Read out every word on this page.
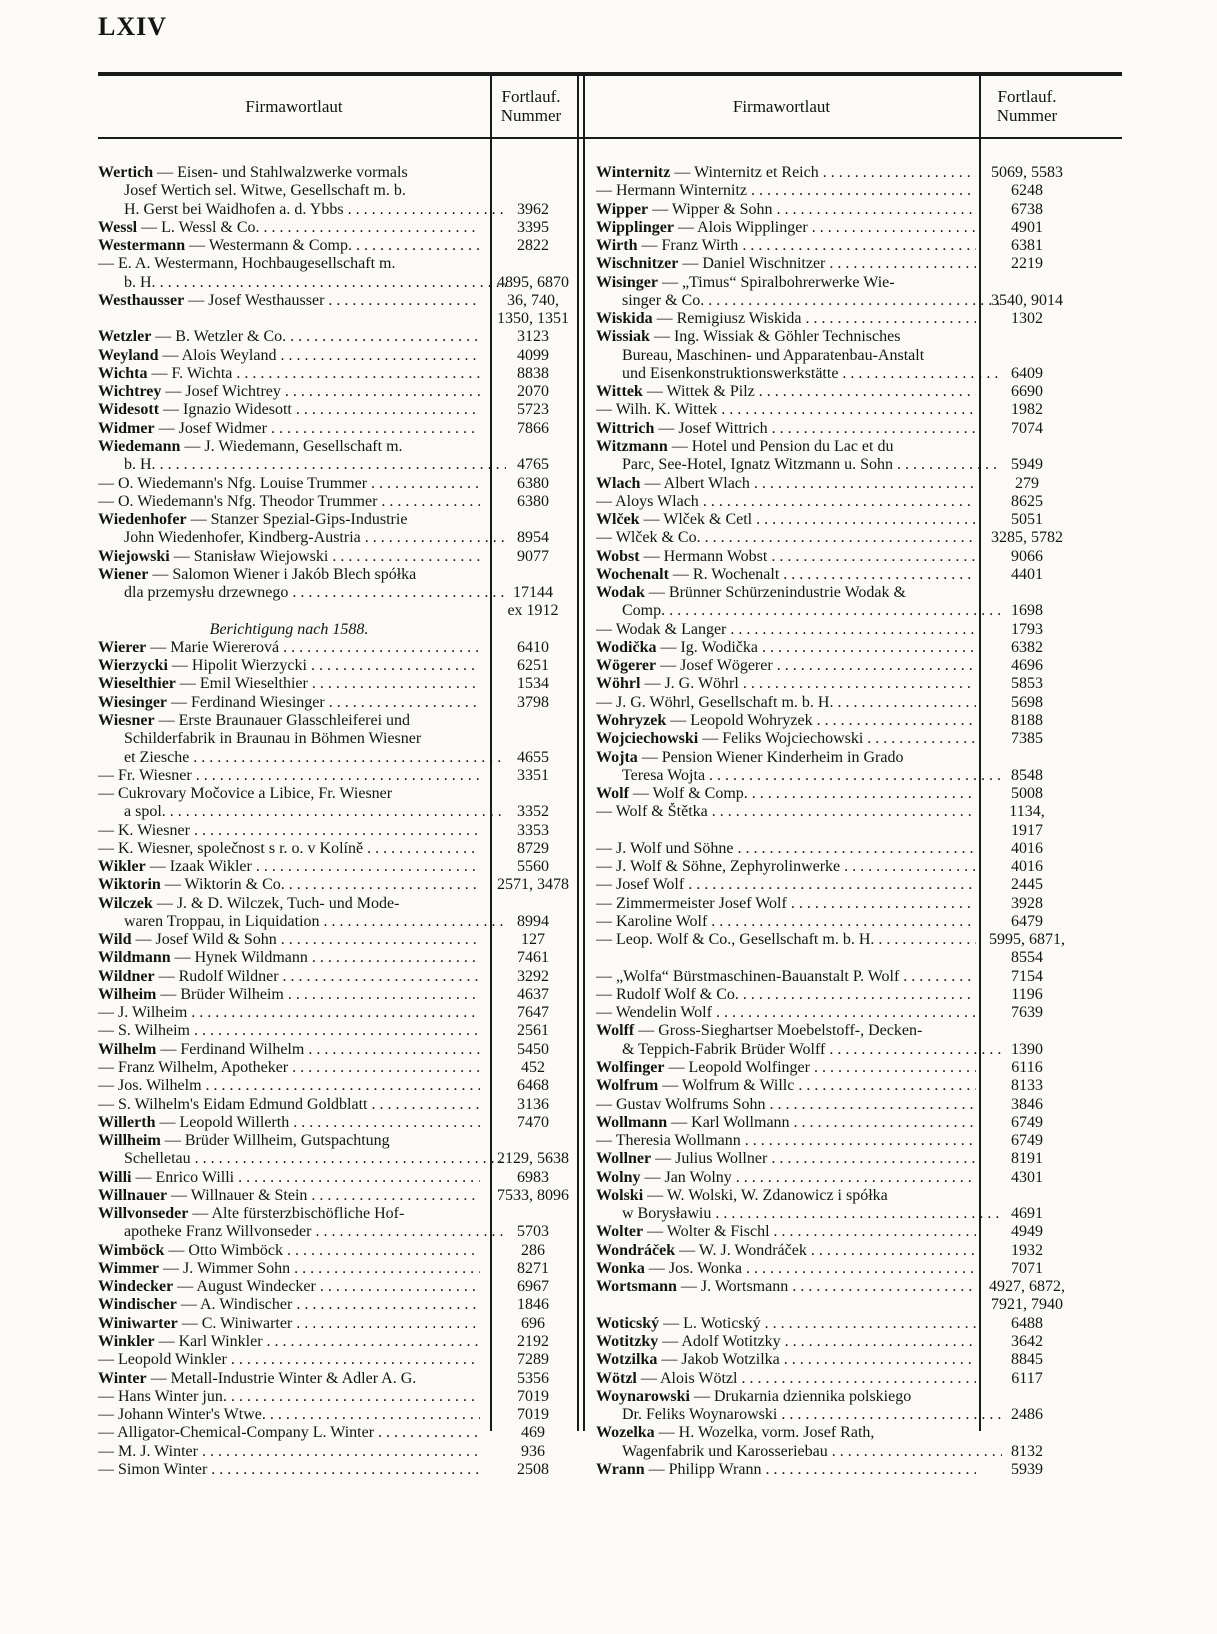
LXIV
Firmawortlaut	Fortlauf.
Nummer	Firmawortlaut	Fortlauf.
Nummer
Wertich — Eisen- und Stahlwalzwerke vormals
Josef Wertich sel. Witwe, Gesellschaft m. b.
H. Gerst bei Waidhofen a. d. Ybbs . . .	3962
Wessl — L. Wessl & Co. . . .	3395
Westermann — Westermann & Comp. . . .	2822
— E. A. Westermann, Hochbaugesellschaft m.
b. H. . . .	4895, 6870
Westhausser — Josef Westhausser . . .	36, 740,
1350, 1351
Wetzler — B. Wetzler & Co. . . .	3123
Weyland — Alois Weyland . . .	4099
Wichta — F. Wichta . . .	8838
Wichtrey — Josef Wichtrey . . .	2070
Widesott — Ignazio Widesott . . .	5723
Widmer — Josef Widmer . . .	7866
Wiedemann — J. Wiedemann, Gesellschaft m.
b. H. . . .	4765
— O. Wiedemann's Nfg. Louise Trummer . . .	6380
— O. Wiedemann's Nfg. Theodor Trummer . . .	6380
Wiedenhofer — Stanzer Spezial-Gips-Industrie
John Wiedenhofer, Kindberg-Austria . . .	8954
Wiejowski — Stanisław Wiejowski . . .	9077
Wiener — Salomon Wiener i Jakób Blech spółka
dla przemysłu drzewnego . . .	17144
ex 1912
Berichtigung nach 1588.
Wierer — Marie Wiererová . . .	6410
Wierzycki — Hipolit Wierzycki . . .	6251
Wieselthier — Emil Wieselthier . . .	1534
Wiesinger — Ferdinand Wiesinger . . .	3798
Wiesner — Erste Braunauer Glasschleiferei und
Schilderfabrik in Braunau in Böhmen Wiesner
et Ziesche . . .	4655
— Fr. Wiesner . . .	3351
— Cukrovary Močovice a Libice, Fr. Wiesner
a spol. . . .	3352
— K. Wiesner . . .	3353
— K. Wiesner, společnost s r. o. v Kolíně . . .	8729
Wikler — Izaak Wikler . . .	5560
Wiktorin — Wiktorin & Co. . . .	2571, 3478
Wilczek — J. & D. Wilczek, Tuch- und Mode-
waren Troppau, in Liquidation . . .	8994
Wild — Josef Wild & Sohn . . .	127
Wildmann — Hynek Wildmann . . .	7461
Wildner — Rudolf Wildner . . .	3292
Wilheim — Brüder Wilheim . . .	4637
— J. Wilheim . . .	7647
— S. Wilheim . . .	2561
Wilhelm — Ferdinand Wilhelm . . .	5450
— Franz Wilhelm, Apotheker . . .	452
— Jos. Wilhelm . . .	6468
— S. Wilhelm's Eidam Edmund Goldblatt . . .	3136
Willerth — Leopold Willerth . . .	7470
Willheim — Brüder Willheim, Gutspachtung
Schelletau . . .	2129, 5638
Willi — Enrico Willi . . .	6983
Willnauer — Willnauer & Stein . . .	7533, 8096
Willvonseder — Alte fürsterzbischöfliche Hof-
apotheke Franz Willvonseder . . .	5703
Wimböck — Otto Wimböck . . .	286
Wimmer — J. Wimmer Sohn . . .	8271
Windecker — August Windecker . . .	6967
Windischer — A. Windischer . . .	1846
Winiwarter — C. Winiwarter . . .	696
Winkler — Karl Winkler . . .	2192
— Leopold Winkler . . .	7289
Winter — Metall-Industrie Winter & Adler A. G.	5356
— Hans Winter jun. . . .	7019
— Johann Winter's Wtwe. . . .	7019
— Alligator-Chemical-Company L. Winter . . .	469
— M. J. Winter . . .	936
— Simon Winter . . .	2508
Winternitz — Winternitz et Reich . . .	5069, 5583
— Hermann Winternitz . . .	6248
Wipper — Wipper & Sohn . . .	6738
Wipplinger — Alois Wipplinger . . .	4901
Wirth — Franz Wirth . . .	6381
Wischnitzer — Daniel Wischnitzer . . .	2219
Wisinger — „Timus“ Spiralbohrerwerke Wie-
singer & Co. . . .	3540, 9014
Wiskida — Remigiusz Wiskida . . .	1302
Wissiak — Ing. Wissiak & Göhler Technisches
Bureau, Maschinen- und Apparatenbau-Anstalt
und Eisenkonstruktionswerkstätte . . .	6409
Wittek — Wittek & Pilz . . .	6690
— Wilh. K. Wittek . . .	1982
Wittrich — Josef Wittrich . . .	7074
Witzmann — Hotel und Pension du Lac et du
Parc, See-Hotel, Ignatz Witzmann u. Sohn . . .	5949
Wlach — Albert Wlach . . .	279
— Aloys Wlach . . .	8625
Wlček — Wlček & Cetl . . .	5051
— Wlček & Co. . . .	3285, 5782
Wobst — Hermann Wobst . . .	9066
Wochenalt — R. Wochenalt . . .	4401
Wodak — Brünner Schürzenindustrie Wodak &
Comp. . . .	1698
— Wodak & Langer . . .	1793
Wodička — Ig. Wodička . . .	6382
Wögerer — Josef Wögerer . . .	4696
Wöhrl — J. G. Wöhrl . . .	5853
— J. G. Wöhrl, Gesellschaft m. b. H. . . .	5698
Wohryzek — Leopold Wohryzek . . .	8188
Wojciechowski — Feliks Wojciechowski . . .	7385
Wojta — Pension Wiener Kinderheim in Grado
Teresa Wojta . . .	8548
Wolf — Wolf & Comp. . . .	5008
— Wolf & Štětka . . .	1134,
1917
— J. Wolf und Söhne . . .	4016
— J. Wolf & Söhne, Zephyrolinwerke . . .	4016
— Josef Wolf . . .	2445
— Zimmermeister Josef Wolf . . .	3928
— Karoline Wolf . . .	6479
— Leop. Wolf & Co., Gesellschaft m. b. H. . . .	5995, 6871,
8554
— „Wolfa“ Bürstmaschinen-Bauanstalt P. Wolf . . .	7154
— Rudolf Wolf & Co. . . .	1196
— Wendelin Wolf . . .	7639
Wolff — Gross-Sieghartser Moebelstoff-, Decken-
& Teppich-Fabrik Brüder Wolff . . .	1390
Wolfinger — Leopold Wolfinger . . .	6116
Wolfrum — Wolfrum & Willc . . .	8133
— Gustav Wolfrums Sohn . . .	3846
Wollmann — Karl Wollmann . . .	6749
— Theresia Wollmann . . .	6749
Wollner — Julius Wollner . . .	8191
Wolny — Jan Wolny . . .	4301
Wolski — W. Wolski, W. Zdanowicz i spółka
w Borysławiu . . .	4691
Wolter — Wolter & Fischl . . .	4949
Wondráček — W. J. Wondráček . . .	1932
Wonka — Jos. Wonka . . .	7071
Wortsmann — J. Wortsmann . . .	4927, 6872,
7921, 7940
Woticský — L. Woticský . . .	6488
Wotitzky — Adolf Wotitzky . . .	3642
Wotzilka — Jakob Wotzilka . . .	8845
Wötzl — Alois Wötzl . . .	6117
Woynarowski — Drukarnia dziennika polskiego
Dr. Feliks Woynarowski . . .	2486
Wozelka — H. Wozelka, vorm. Josef Rath,
Wagenfabrik und Karosseriebau . . .	8132
Wrann — Philipp Wrann . . .	5939
